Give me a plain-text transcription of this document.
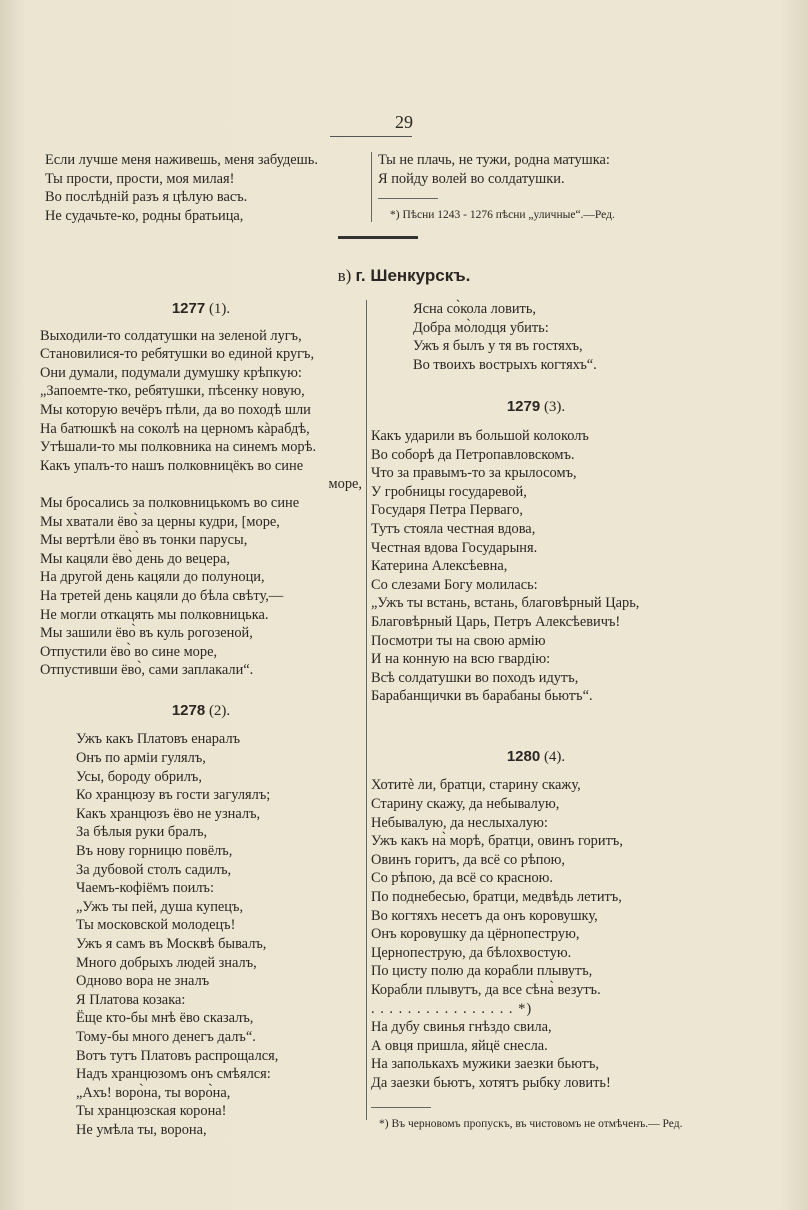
29
Если лучше меня наживешь, меня забудешь.
Ты прости, прости, моя милая!
Во послѣднiй разъ я цѣлую васъ.
Не судачьте-ко, родны братьица,
Ты не плачь, не тужи, родна матушка:
Я пойду волей во солдатушки.
*) Пѣсни 1243 - 1276 пѣсни „уличные“.—Ред.
в) г. Шенкурскъ.
1277 (1).
Выходили-то солдатушки на зеленой лугъ,
Становилися-то ребятушки во единой кругъ,
Они думали, подумали думушку крѣпкую:
„Запоемте-тко, ребятушки, пѣсенку новую,
Мы которую вечёръ пѣли, да во походѣ шли
На батюшкѣ на соколѣ на церномъ кàрабдѣ,
Утѣшали-то мы полковника на синемъ морѣ.
Какъ упалъ-то нашъ полковницёкъ во сине
море,
Мы бросались за полковницькомъ во сине
Мы хватали ёво̀ за церны кудри, [море,
Мы вертѣли ёво̀ въ тонки парусы,
Мы кацяли ёво̀ день до вецера,
На другой день кацяли до полуноци,
На третей день кацяли до бѣла свѣту,—
Не могли откацять мы полковницька.
Мы зашили ёво̀ въ куль рогозеной,
Отпустили ёво̀ во сине море,
Отпустивши ёво̀, сами заплакали“.
1278 (2).
Ужъ какъ Платовъ енаралъ
Онъ по армiи гулялъ,
Усы, бороду обрилъ,
Ко хранцюзу въ гости загулялъ;
Какъ хранцюзъ ёво не узналъ,
За бѣлыя руки бралъ,
Въ нову горницю повёлъ,
За дубовой столъ садилъ,
Чаемъ-кофiёмъ поилъ:
„Ужъ ты пей, душа купецъ,
Ты московской молодецъ!
Ужъ я самъ въ Москвѣ бывалъ,
Много добрыхъ людей зналъ,
Одново вора не зналъ
Я Платова козака:
Ёще кто-бы мнѣ ёво сказалъ,
Тому-бы много денегъ далъ“.
Вотъ тутъ Платовъ распрощался,
Надъ хранцюзомъ онъ смѣялся:
„Ахъ! воро̀на, ты воро̀на,
Ты хранцюзская корона!
Не умѣла ты, ворона,
Ясна со̀кола ловить,
Добра мо̀лодця убить:
Ужъ я былъ у тя въ гостяхъ,
Во твоихъ вострыхъ когтяхъ“.
1279 (3).
Какъ ударили въ большой колоколъ
Во соборѣ да Петропавловскомъ.
Что за правымъ-то за крылосомъ,
У гробницы государевой,
Государя Петра Перваго,
Тутъ стояла честная вдова,
Честная вдова Государыня.
Катерина Алексѣевна,
Со слезами Богу молилась:
„Ужъ ты встань, встань, благовѣрный Царь,
Благовѣрный Царь, Петръ Алексѣевичъ!
Посмотри ты на свою армiю
И на конную на всю гвардiю:
Всѣ солдатушки во походъ идутъ,
Барабанщички въ барабаны бьютъ“.
1280 (4).
Хотитè ли, братци, старину скажу,
Старину скажу, да небывалую,
Небывалую, да неслыхалую:
Ужъ какъ на̀ морѣ, братци, овинъ горитъ,
Овинъ горитъ, да всё со рѣпою,
Со рѣпою, да всё со красною.
По поднебесью, братци, медвѣдь летитъ,
Во когтяхъ несетъ да онъ коровушку,
Онъ коровушку да цёрнопеструю,
Цернопеструю, да бѣлохвостую.
По цисту полю да корабли плывутъ,
Корабли плывутъ, да все сѣна̀ везутъ.
. . . . . . . . . . . . . . . . *)
На дубу свинья гнѣздо свила,
А овця пришла, яйцё снесла.
На заполькахъ мужики заезки бьютъ,
Да заезки бьютъ, хотятъ рыбку ловить!
*) Въ черновомъ пропускъ, въ чистовомъ не отмѣченъ.— Ред.
